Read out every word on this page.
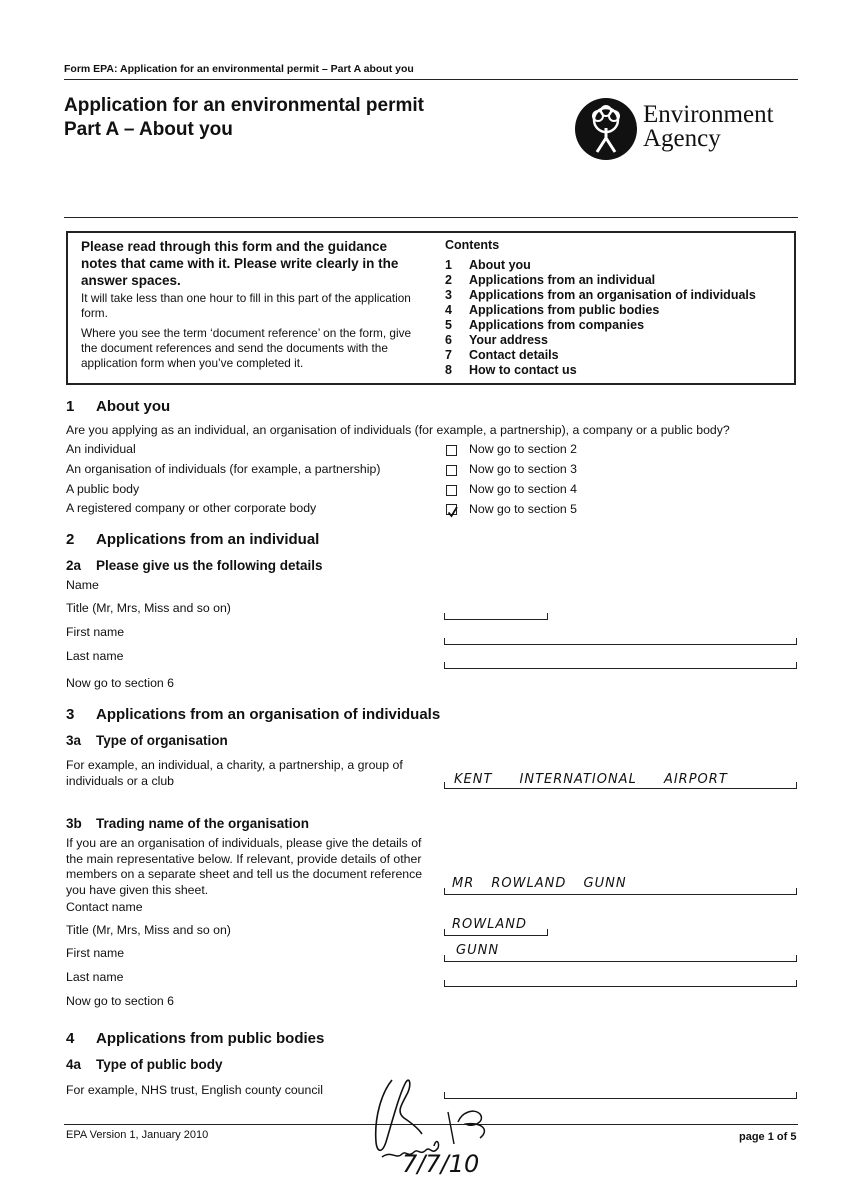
Form EPA: Application for an environmental permit – Part A about you
Application for an environmental permit
Part A – About you
Environment
Agency
Please read through this form and the guidance notes that came with it. Please write clearly in the answer spaces.
It will take less than one hour to fill in this part of the application form.
Where you see the term ‘document reference’ on the form, give the document references and send the documents with the application form when you’ve completed it.
Contents
1 About you
2 Applications from an individual
3 Applications from an organisation of individuals
4 Applications from public bodies
5 Applications from companies
6 Your address
7 Contact details
8 How to contact us
1 About you
Are you applying as an individual, an organisation of individuals (for example, a partnership), a company or a public body?
An individual	Now go to section 2
An organisation of individuals (for example, a partnership)	Now go to section 3
A public body	Now go to section 4
A registered company or other corporate body	Now go to section 5
2 Applications from an individual
2a Please give us the following details
Name
Title (Mr, Mrs, Miss and so on)
First name
Last name
Now go to section 6
3 Applications from an organisation of individuals
3a Type of organisation
For example, an individual, a charity, a partnership, a group of individuals or a club	KENT INTERNATIONAL AIRPORT
3b Trading name of the organisation
If you are an organisation of individuals, please give the details of the main representative below. If relevant, provide details of other members on a separate sheet and tell us the document reference you have given this sheet.	MR ROWLAND GUNN
Contact name
Title (Mr, Mrs, Miss and so on)	ROWLAND
First name	GUNN
Last name
Now go to section 6
4 Applications from public bodies
4a Type of public body
For example, NHS trust, English county council
EPA Version 1, January 2010	page 1 of 5
7/7/10
